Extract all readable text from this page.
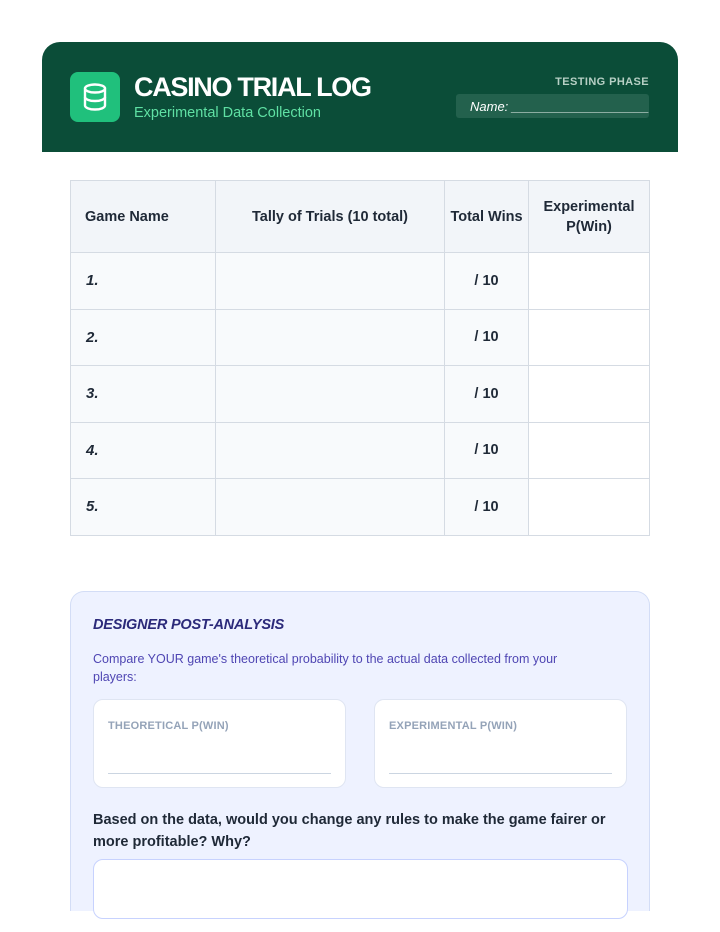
CASINO TRIAL LOG
Experimental Data Collection
TESTING PHASE
Name: ___________________
Game Name	Tally of Trials (10 total)	Total Wins	Experimental P(Win)
1.		/ 10	
2.		/ 10	
3.		/ 10	
4.		/ 10	
5.		/ 10	
DESIGNER POST-ANALYSIS
Compare YOUR game's theoretical probability to the actual data collected from your players:
THEORETICAL P(WIN)	EXPERIMENTAL P(WIN)
Based on the data, would you change any rules to make the game fairer or more profitable? Why?
